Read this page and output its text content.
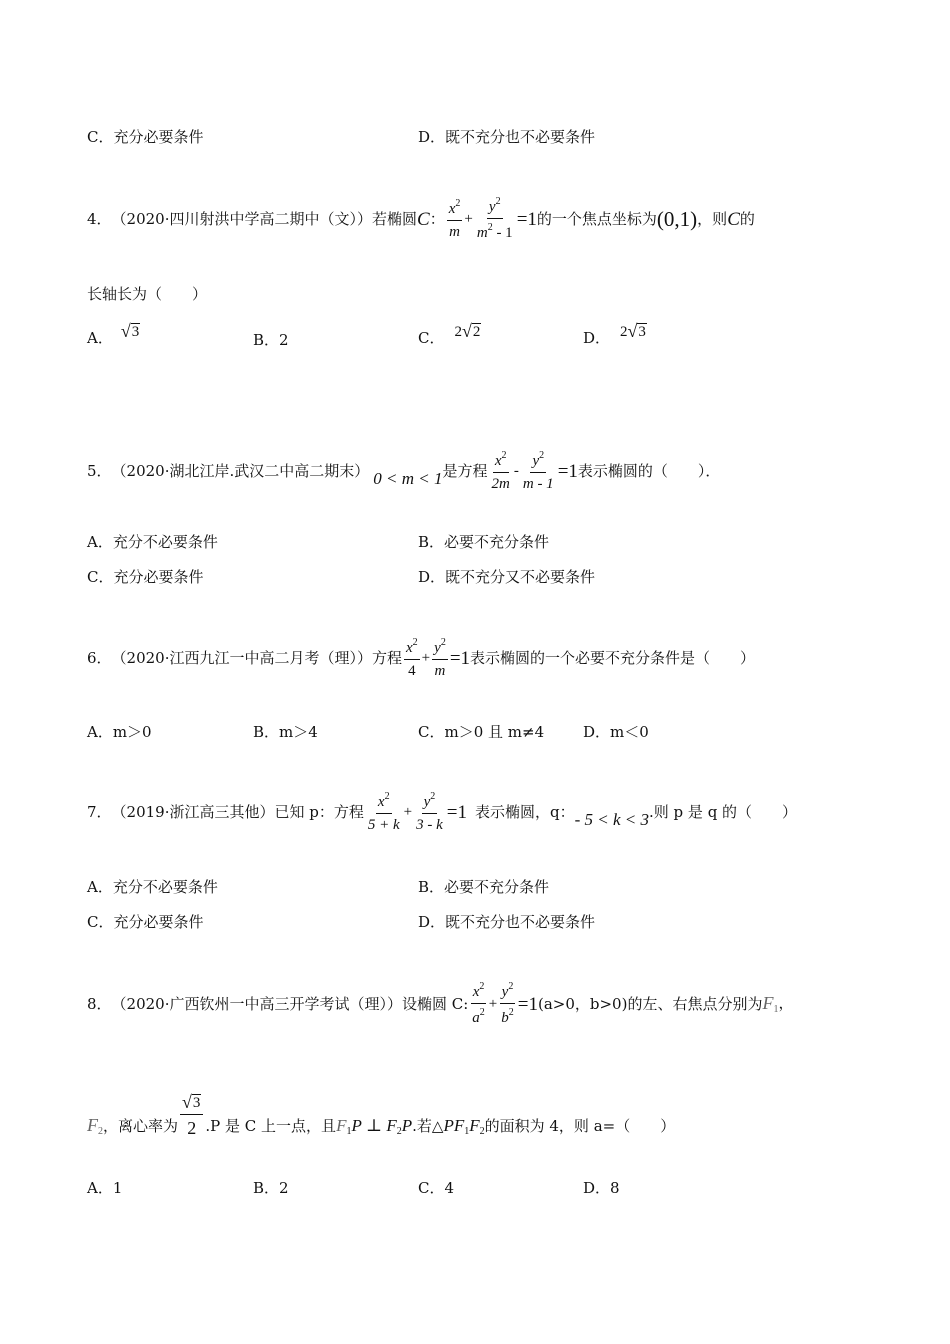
C．充分必要条件	D．既不充分也不必要条件
4． （2020·四川射洪中学高二期中（文））若椭圆 C ： $\frac{x^2}{m} + \frac{y^2}{m^2 - 1} =1$ 的一个焦点坐标为 (0,1) ，则 C 的
长轴长为（　　）
A． √ 3	B．2	C． 2 √ 2	D． 2 √ 3
5． （2020·湖北江岸.武汉二中高二期末） 0 < m < 1 是方程 $\frac{x^2}{2m} - \frac{y^2}{m - 1} =1$ 表示椭圆的（　　）．
A．充分不必要条件	B．必要不充分条件
C．充分必要条件	D．既不充分又不必要条件
6． （2020·江西九江一中高二月考（理））方程 $\frac{x^2}{4} + \frac{y^2}{m} =1$ 表示椭圆的一个必要不充分条件是（　　）
A．m＞0	B．m＞4	C．m＞0 且 m≠4	D．m＜0
7． （2019·浙江高三其他）已知 p：方程 $\frac{x^2}{5 + k} + \frac{y^2}{3 - k} =1$ 表示椭圆，q： - 5 < k < 3 .则 p 是 q 的（　　）
A．充分不必要条件	B．必要不充分条件
C．充分必要条件	D．既不充分也不必要条件
8． （2020·广西钦州一中高三开学考试（理））设椭圆 C: $\frac{x^2}{a^2} + \frac{y^2}{b^2} =1$ (a>0，b>0)的左、右焦点分别为 $F_1$ ，
$F_2$ ，离心率为 $\frac{√ 3}{2} .P$ 是 C 上一点，且 $F_1P$ ⊥ $F_2P$ .若△ $PF_1F_2$ 的面积为 4，则 a=（　　）
A．1	B．2	C．4	D．8
